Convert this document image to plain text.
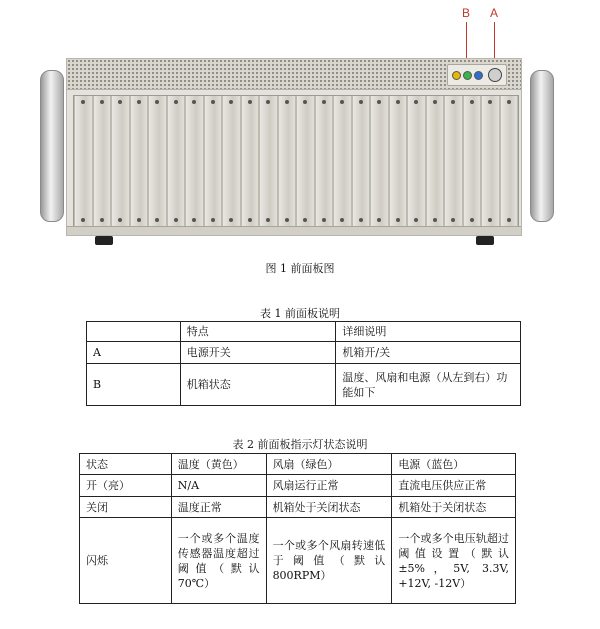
B A
图 1 前面板图
表 1 前面板说明
	特点	详细说明
A	电源开关	机箱开/关
B	机箱状态	温度、风扇和电源（从左到右）功能如下
表 2 前面板指示灯状态说明
状态	温度（黄色）	风扇（绿色）	电源（蓝色）
开（亮）	N/A	风扇运行正常	直流电压供应正常
关闭	温度正常	机箱处于关闭状态	机箱处于关闭状态
闪烁	一个或多个温度传感器温度超过阈值（默认 70℃）	一个或多个风扇转速低于阈值（默认 800RPM）	一个或多个电压轨超过阈值设置（默认±5%，5V, 3.3V, +12V, -12V）
